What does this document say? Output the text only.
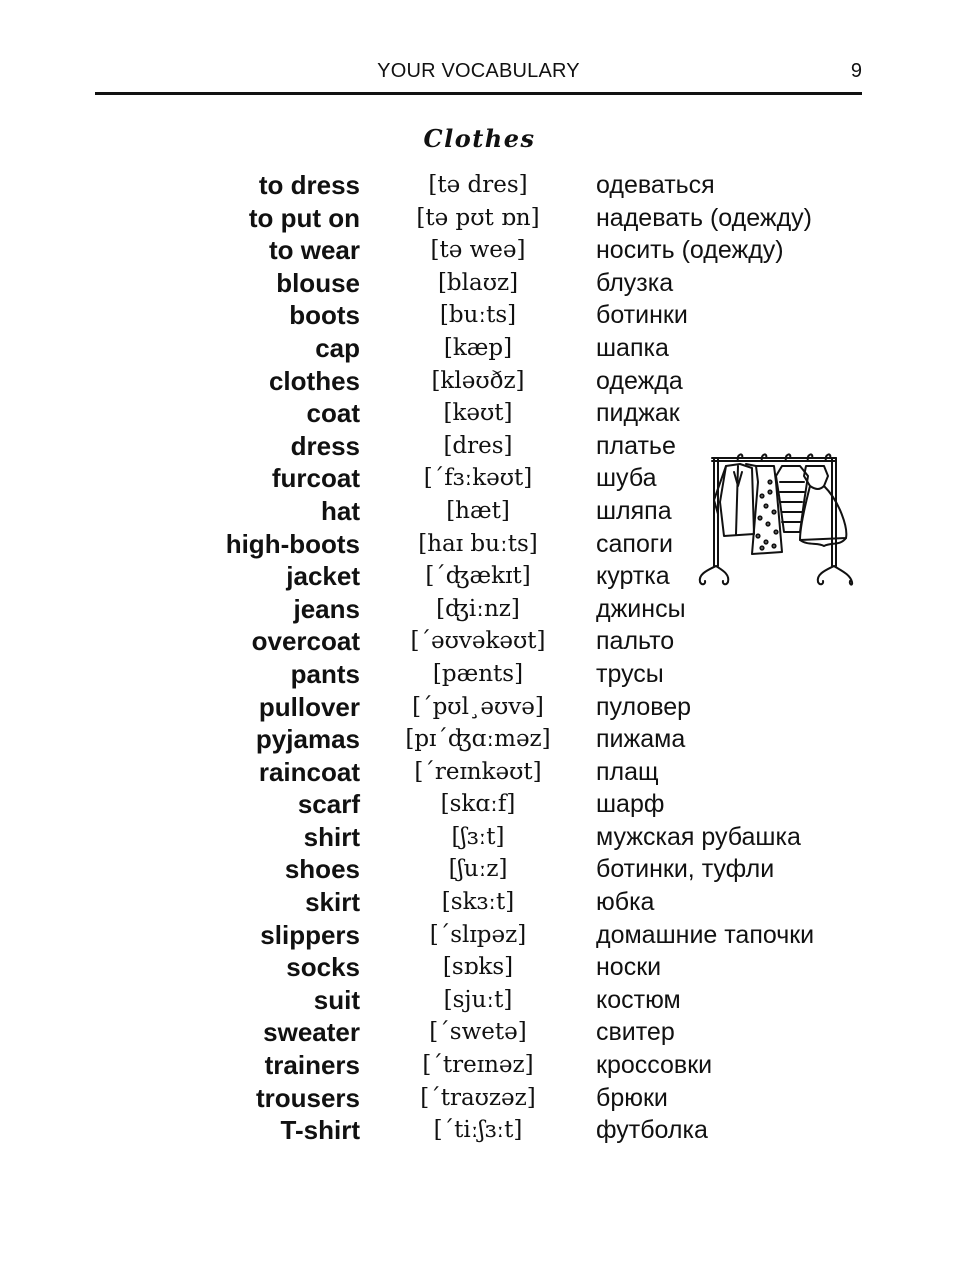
YOUR VOCABULARY	9
Clothes
to dress	[tə dres]	одеваться
to put on	[tə pʊt ɒn]	надевать (одежду)
to wear	[tə weə]	носить (одежду)
blouse	[blaʊz]	блузка
boots	[buːts]	ботинки
cap	[kæp]	шапка
clothes	[kləʊðz]	одежда
coat	[kəʊt]	пиджак
dress	[dres]	платье
furcoat	[´fɜːkəʊt]	шуба
hat	[hæt]	шляпа
high-boots	[haɪ buːts]	сапоги
jacket	[´ʤækɪt]	куртка
jeans	[ʤiːnz]	джинсы
overcoat	[´əʊvəkəʊt]	пальто
pants	[pænts]	трусы
pullover	[´pʊl¸əʊvə]	пуловер
pyjamas	[pɪ´ʤɑːməz]	пижама
raincoat	[´reɪnkəʊt]	плащ
scarf	[skɑːf]	шарф
shirt	[ʃɜːt]	мужская рубашка
shoes	[ʃuːz]	ботинки, туфли
skirt	[skɜːt]	юбка
slippers	[´slɪpəz]	домашние тапочки
socks	[sɒks]	носки
suit	[sjuːt]	костюм
sweater	[´swetə]	свитер
trainers	[´treɪnəz]	кроссовки
trousers	[´traʊzəz]	брюки
T-shirt	[´tiːʃɜːt]	футболка
